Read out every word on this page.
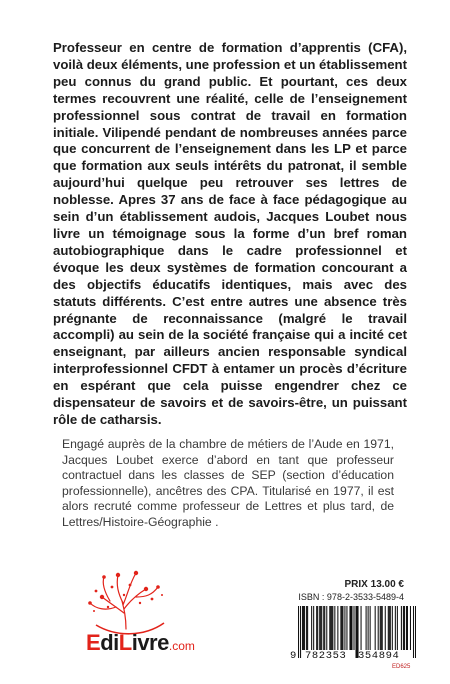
Professeur en centre de formation d’apprentis (CFA), voilà deux éléments, une profession et un établissement peu connus du grand public. Et pourtant, ces deux termes recouvrent une réalité, celle de l’enseignement professionnel sous contrat de travail en formation initiale. Vilipendé pendant de nombreuses années parce que concurrent de l’enseignement dans les LP et parce que formation aux seuls intérêts du patronat, il semble aujourd’hui quelque peu retrouver ses lettres de noblesse. Apres 37 ans de face à face pédagogique au sein d’un établissement audois, Jacques Loubet nous livre un témoignage sous la forme d’un bref roman autobiographique dans le cadre professionnel et évoque les deux systèmes de formation concourant a des objectifs éducatifs identiques, mais avec des statuts différents. C’est entre autres une absence très prégnante de reconnaissance (malgré le travail accompli) au sein de la société française qui a incité cet enseignant, par ailleurs ancien responsable syndical interprofessionnel CFDT à entamer un procès d’écriture en espérant que cela puisse engendrer chez ce dispensateur de savoirs et de savoirs-être, un puissant rôle de catharsis.

Engagé auprès de la chambre de métiers de l’Aude en 1971, Jacques Loubet exerce d’abord en tant que professeur contractuel dans les classes de SEP (section d’éducation professionnelle), ancêtres des CPA. Titularisé en 1977, il est alors recruté comme professeur de Lettres et plus tard, de Lettres/Histoire-Géographie .

EdiLivre.com
PRIX 13.00 €
ISBN : 978-2-3533-5489-4
9 782353 354894
ED625
